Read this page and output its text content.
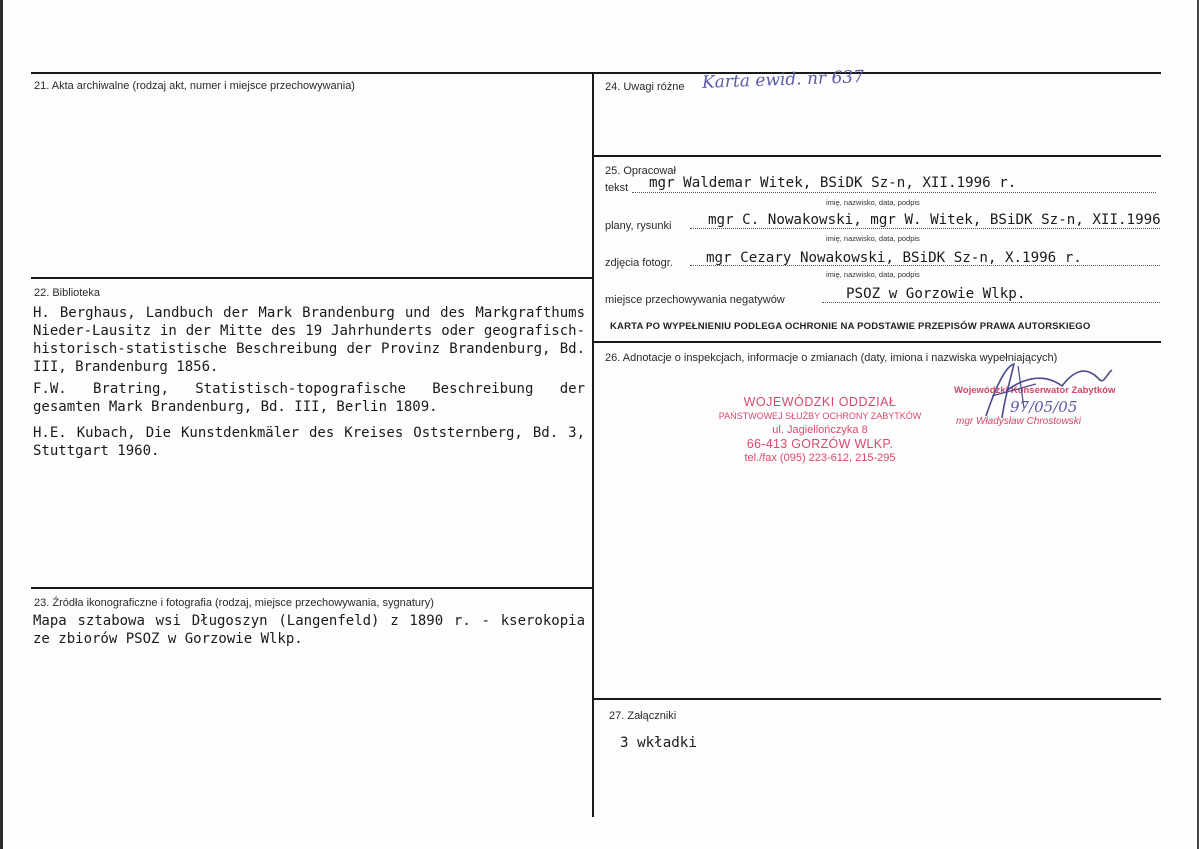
21. Akta archiwalne (rodzaj akt, numer i miejsce przechowywania)
22. Biblioteka
H. Berghaus, Landbuch der Mark Brandenburg und des Markgrafthums Nieder-Lausitz in der Mitte des 19 Jahrhunderts oder geografisch-historisch-statistische Beschreibung der Provinz Brandenburg, Bd. III, Brandenburg 1856.
F.W. Bratring, Statistisch-topografische Beschreibung der gesamten Mark Brandenburg, Bd. III, Berlin 1809.
H.E. Kubach, Die Kunstdenkmäler des Kreises Oststernberg, Bd. 3, Stuttgart 1960.
23. Źródła ikonograficzne i fotografia (rodzaj, miejsce przechowywania, sygnatury)
Mapa sztabowa wsi Długoszyn (Langenfeld) z 1890 r. - kserokopia ze zbiorów PSOZ w Gorzowie Wlkp.
24. Uwagi różne Karta ewid. nr 637
25. Opracował
tekst mgr Waldemar Witek, BSiDK Sz-n, XII.1996 r.
imię, nazwisko, data, podpis
plany, rysunki	mgr C. Nowakowski, mgr W. Witek, BSiDK Sz-n, XII.1996
imię, nazwisko, data, podpis
zdjęcia fotogr. mgr Cezary Nowakowski, BSiDK Sz-n, X.1996 r.
imię, nazwisko, data, podpis
miejsce przechowywania negatywów	PSOZ w Gorzowie Wlkp.
KARTA PO WYPEŁNIENIU PODLEGA OCHRONIE NA PODSTAWIE PRZEPISÓW PRAWA AUTORSKIEGO
26. Adnotacje o inspekcjach, informacje o zmianach (daty, imiona i nazwiska wypełniających)
WOJEWÓDZKI ODDZIAŁ
PAŃSTWOWEJ SŁUŻBY OCHRONY ZABYTKÓW
ul. Jagiellończyka 8
66-413 GORZÓW WLKP.
tel./fax (095) 223-612, 215-295
Wojewódzki Konserwator Zabytków
mgr Władysław Chrostowski
97/05/05
27. Załączniki
3 wkładki
